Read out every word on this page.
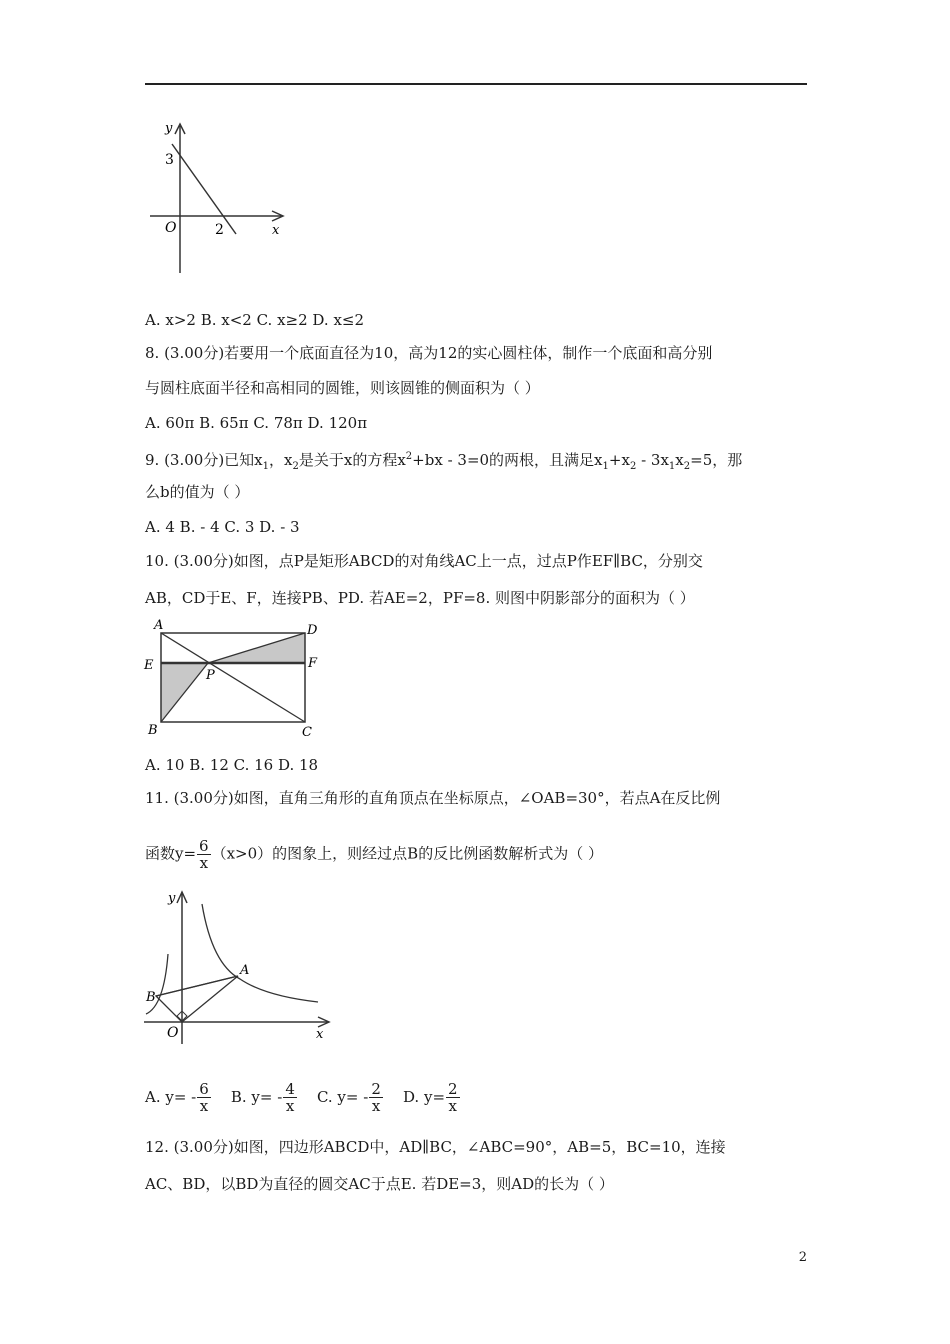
y
3
O	2	x
A. x>2 B. x<2 C. x≥2 D. x≤2
8. (3.00分)若要用一个底面直径为10，高为12的实心圆柱体，制作一个底面和高分别
与圆柱底面半径和高相同的圆锥，则该圆锥的侧面积为（ ）
A. 60π B. 65π C. 78π D. 120π
9. (3.00分)已知$x_1$，$x_2$是关于x的方程$x^2+bx - 3=0$的两根，且满足$x_1+x_2 - 3x_1x_2=5$，那
么b的值为（ ）
A. 4 B. - 4 C. 3 D. - 3
10. (3.00分)如图，点P是矩形ABCD的对角线AC上一点，过点P作EF∥BC，分别交
AB，CD于E、F，连接PB、PD. 若AE=2，PF=8. 则图中阴影部分的面积为（ ）
A	D
E	F
P
B	C
A. 10 B. 12 C. 16 D. 18
11. (3.00分)如图，直角三角形的直角顶点在坐标原点，∠OAB=30°，若点A在反比例
函数$y= \frac{6}{x} (x>0)$的图象上，则经过点B的反比例函数解析式为（ ）
y
A
B
O	x
A. $y= - \frac{6}{x} B$. $y= - \frac{4}{x} C$. $y= - \frac{2}{x} D$. $y= \frac{2}{x}$
12. (3.00分)如图，四边形ABCD中，AD∥BC，∠ABC=90°，AB=5，BC=10，连接
AC、BD，以BD为直径的圆交AC于点E. 若DE=3，则AD的长为（ ）
2
